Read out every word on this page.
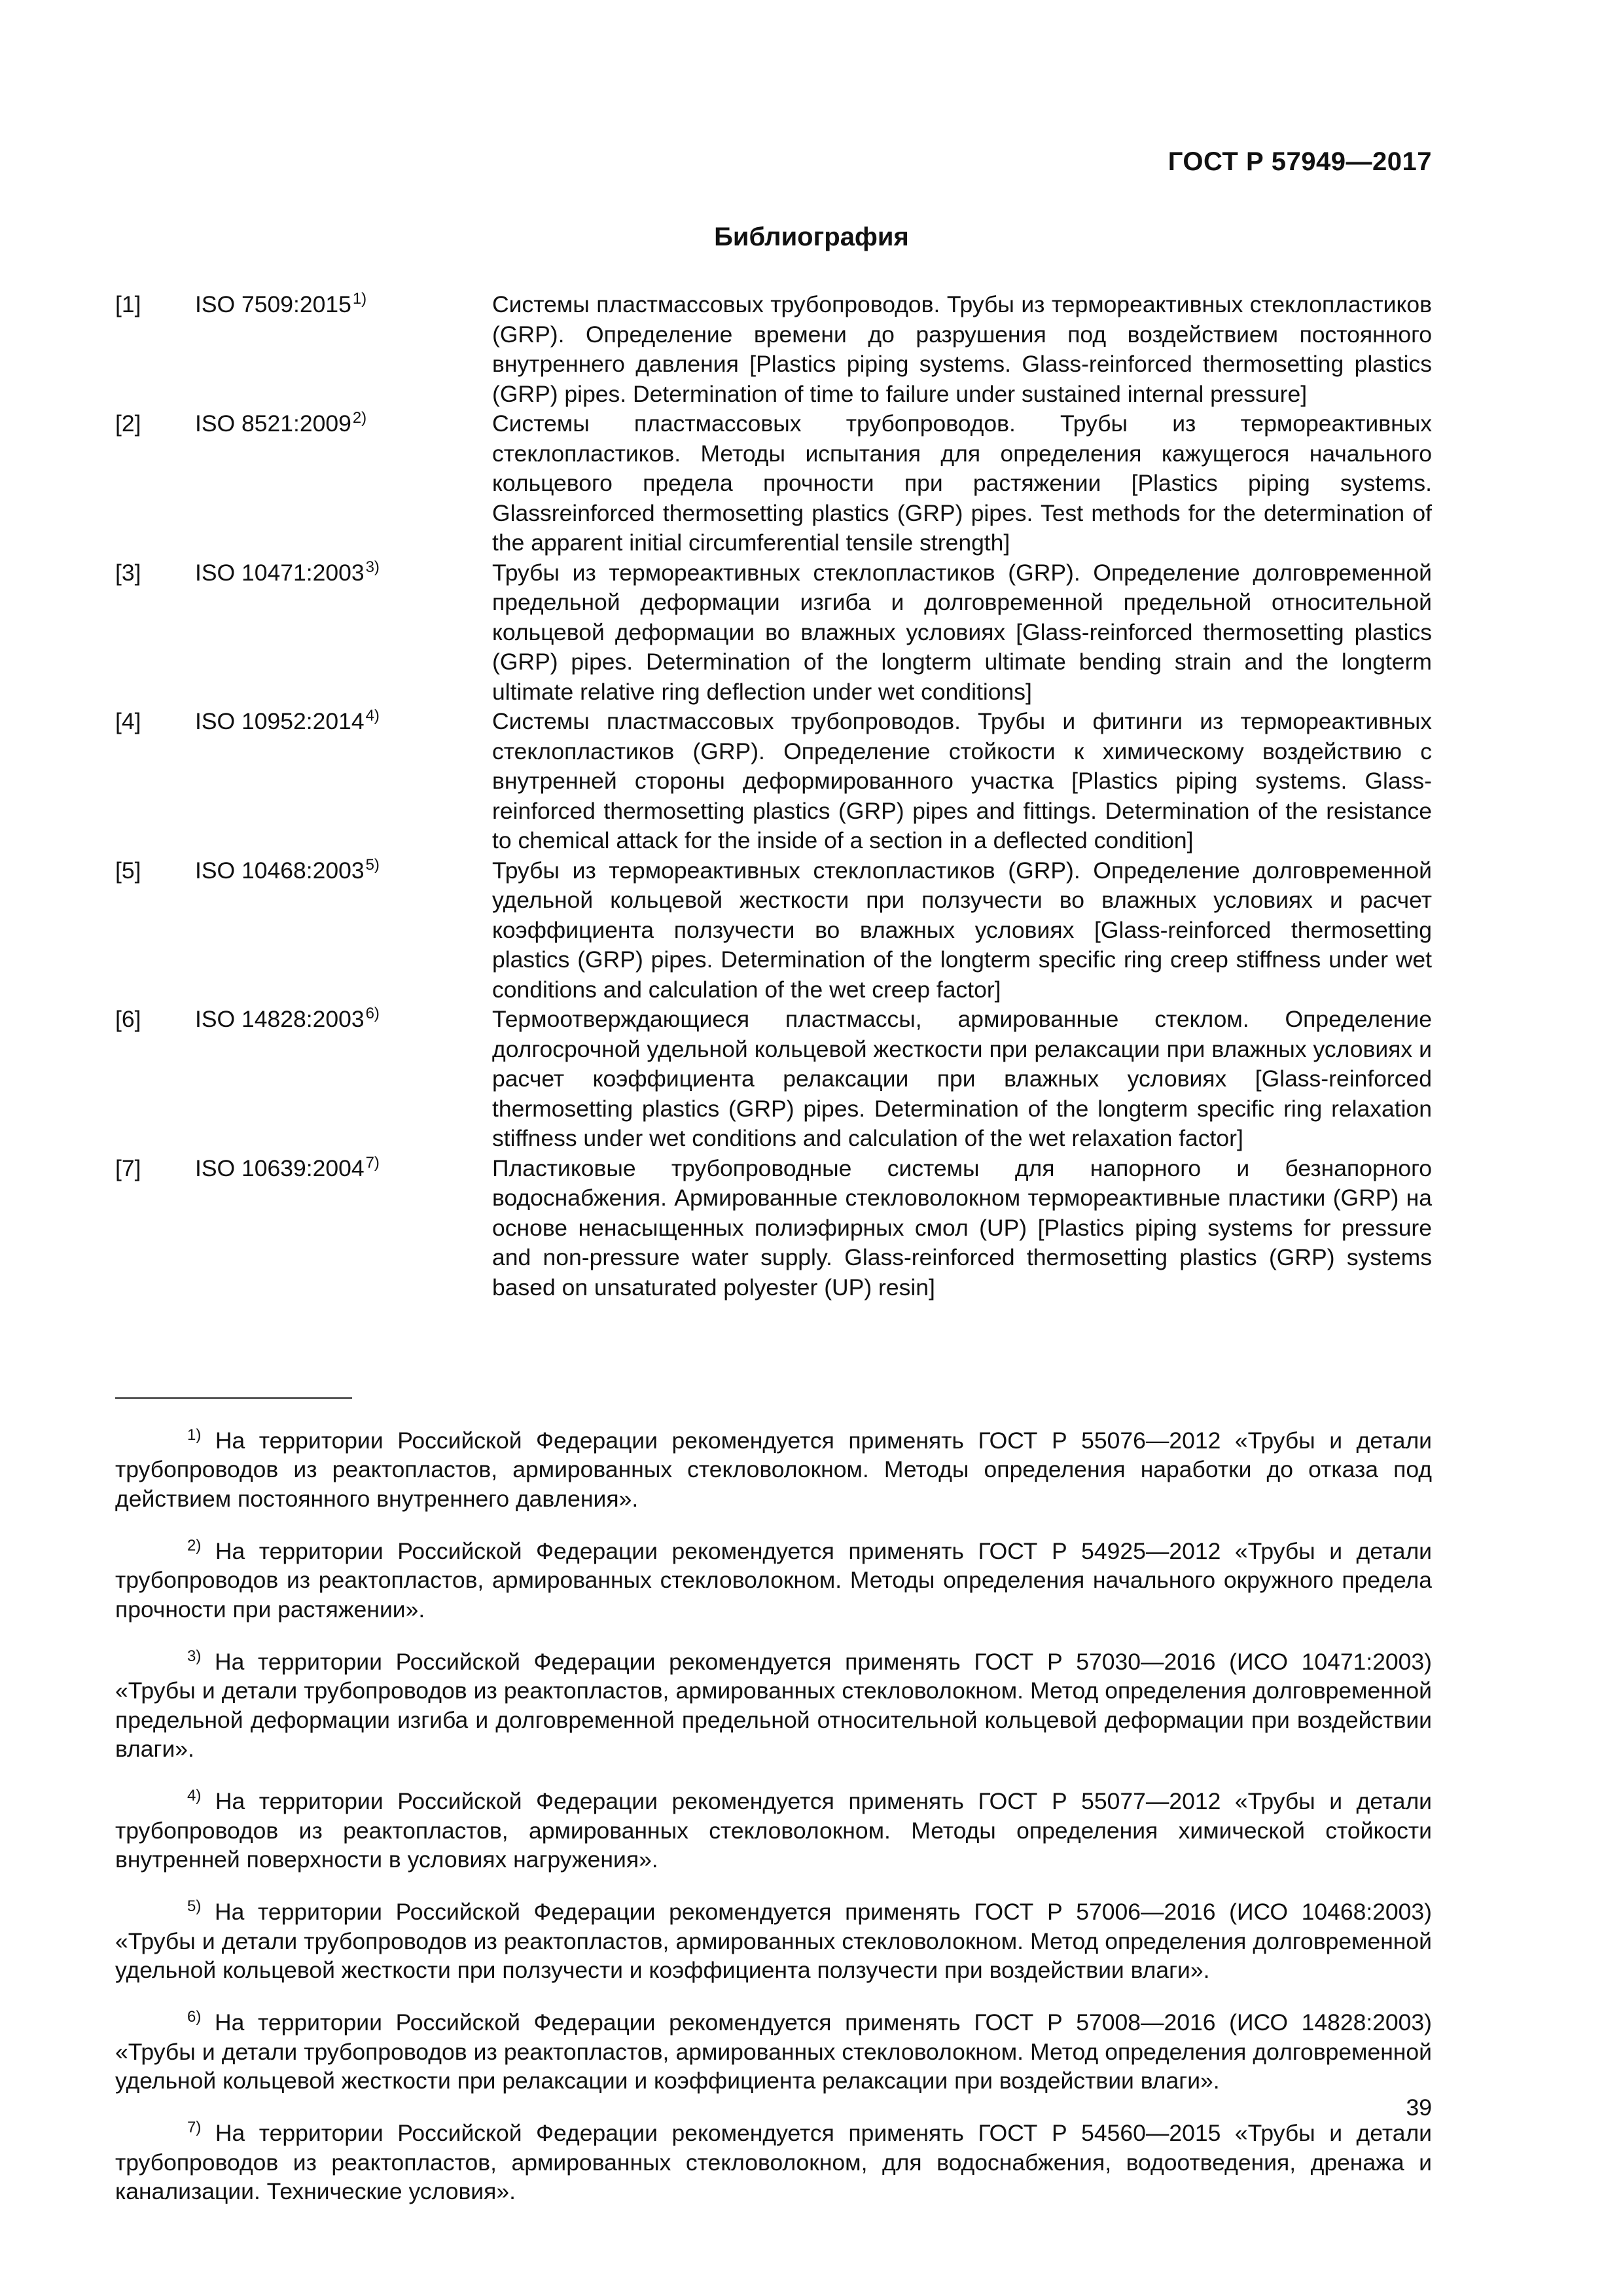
ГОСТ Р 57949—2017
Библиография
[1]	ISO 7509:2015$^{1)}$	Системы пластмассовых трубопроводов. Трубы из термореактивных стеклопластиков (GRP). Определение времени до разрушения под воздействием постоянного внутреннего давления [Plastics piping systems. Glass-reinforced thermosetting plastics (GRP) pipes. Determination of time to failure under sustained internal pressure]
[2]	ISO 8521:2009$^{2)}$	Системы пластмассовых трубопроводов. Трубы из термореактивных стеклопластиков. Методы испытания для определения кажущегося начального кольцевого предела прочности при растяжении [Plastics piping systems. Glassreinforced thermosetting plastics (GRP) pipes. Test methods for the determination of the apparent initial circumferential tensile strength]
[3]	ISO 10471:2003$^{3)}$	Трубы из термореактивных стеклопластиков (GRP). Определение долговременной предельной деформации изгиба и долговременной предельной относительной кольцевой деформации во влажных условиях [Glass-reinforced thermosetting plastics (GRP) pipes. Determination of the longterm ultimate bending strain and the longterm ultimate relative ring deflection under wet conditions]
[4]	ISO 10952:2014$^{4)}$	Системы пластмассовых трубопроводов. Трубы и фитинги из термореактивных стеклопластиков (GRP). Определение стойкости к химическому воздействию с внутренней стороны деформированного участка [Plastics piping systems. Glass-reinforced thermosetting plastics (GRP) pipes and fittings. Determination of the resistance to chemical attack for the inside of a section in a deflected condition]
[5]	ISO 10468:2003$^{5)}$	Трубы из термореактивных стеклопластиков (GRP). Определение долговременной удельной кольцевой жесткости при ползучести во влажных условиях и расчет коэффициента ползучести во влажных условиях [Glass-reinforced thermosetting plastics (GRP) pipes. Determination of the longterm specific ring creep stiffness under wet conditions and calculation of the wet creep factor]
[6]	ISO 14828:2003$^{6)}$	Термоотверждающиеся пластмассы, армированные стеклом. Определение долгосрочной удельной кольцевой жесткости при релаксации при влажных условиях и расчет коэффициента релаксации при влажных условиях [Glass-reinforced thermosetting plastics (GRP) pipes. Determination of the longterm specific ring relaxation stiffness under wet conditions and calculation of the wet relaxation factor]
[7]	ISO 10639:2004$^{7)}$	Пластиковые трубопроводные системы для напорного и безнапорного водоснабжения. Армированные стекловолокном термореактивные пластики (GRP) на основе ненасыщенных полиэфирных смол (UP) [Plastics piping systems for pressure and non-pressure water supply. Glass-reinforced thermosetting plastics (GRP) systems based on unsaturated polyester (UP) resin]

$^{1)}$ На территории Российской Федерации рекомендуется применять ГОСТ Р 55076—2012 «Трубы и детали трубопроводов из реактопластов, армированных стекловолокном. Методы определения наработки до отказа под действием постоянного внутреннего давления».

$^{2)}$ На территории Российской Федерации рекомендуется применять ГОСТ Р 54925—2012 «Трубы и детали трубопроводов из реактопластов, армированных стекловолокном. Методы определения начального окружного предела прочности при растяжении».

$^{3)}$ На территории Российской Федерации рекомендуется применять ГОСТ Р 57030—2016 (ИСО 10471:2003) «Трубы и детали трубопроводов из реактопластов, армированных стекловолокном. Метод определения долговременной предельной деформации изгиба и долговременной предельной относительной кольцевой деформации при воздействии влаги».

$^{4)}$ На территории Российской Федерации рекомендуется применять ГОСТ Р 55077—2012 «Трубы и детали трубопроводов из реактопластов, армированных стекловолокном. Методы определения химической стойкости внутренней поверхности в условиях нагружения».

$^{5)}$ На территории Российской Федерации рекомендуется применять ГОСТ Р 57006—2016 (ИСО 10468:2003) «Трубы и детали трубопроводов из реактопластов, армированных стекловолокном. Метод определения долговременной удельной кольцевой жесткости при ползучести и коэффициента ползучести при воздействии влаги».

$^{6)}$ На территории Российской Федерации рекомендуется применять ГОСТ Р 57008—2016 (ИСО 14828:2003) «Трубы и детали трубопроводов из реактопластов, армированных стекловолокном. Метод определения долговременной удельной кольцевой жесткости при релаксации и коэффициента релаксации при воздействии влаги».

$^{7)}$ На территории Российской Федерации рекомендуется применять ГОСТ Р 54560—2015 «Трубы и детали трубопроводов из реактопластов, армированных стекловолокном, для водоснабжения, водоотведения, дренажа и канализации. Технические условия».

39
